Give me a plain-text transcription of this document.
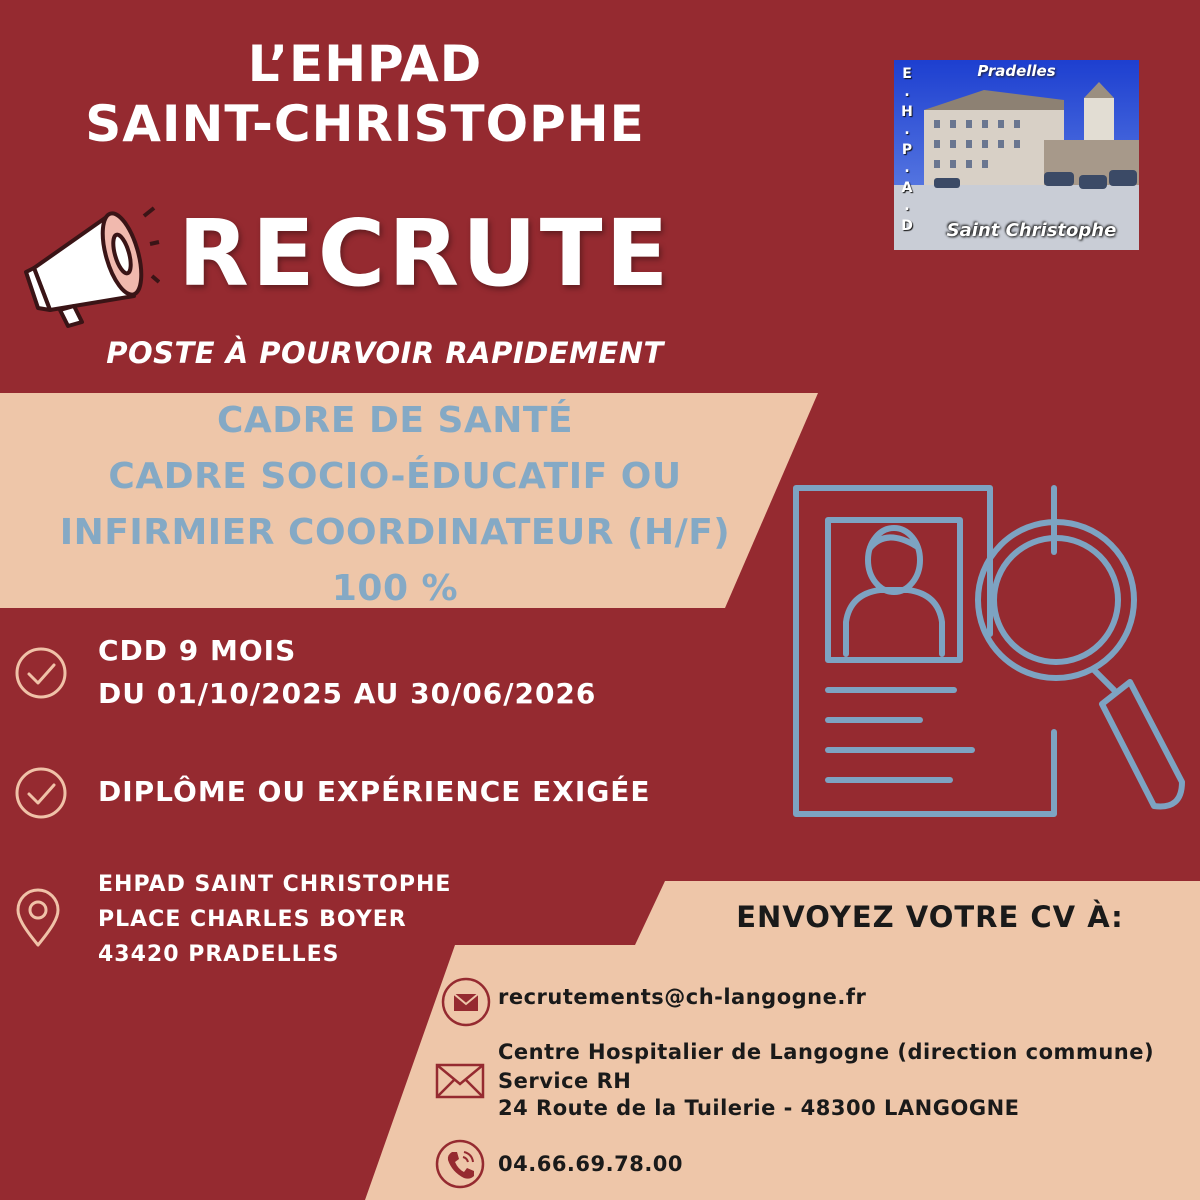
L’EHPAD
SAINT-CHRISTOPHE
RECRUTE
POSTE À POURVOIR RAPIDEMENT
Pradelles
E
.
H
.
P
.
A
.
D	Saint Christophe
CADRE DE SANTÉ
CADRE SOCIO-ÉDUCATIF OU
INFIRMIER COORDINATEUR (H/F)
100 %
CDD 9 MOIS
DU 01/10/2025 AU 30/06/2026
DIPLÔME OU EXPÉRIENCE EXIGÉE
EHPAD SAINT CHRISTOPHE
PLACE CHARLES BOYER
43420 PRADELLES
ENVOYEZ VOTRE CV À:
recrutements@ch-langogne.fr
Centre Hospitalier de Langogne (direction commune)
Service RH
24 Route de la Tuilerie - 48300 LANGOGNE
04.66.69.78.00
